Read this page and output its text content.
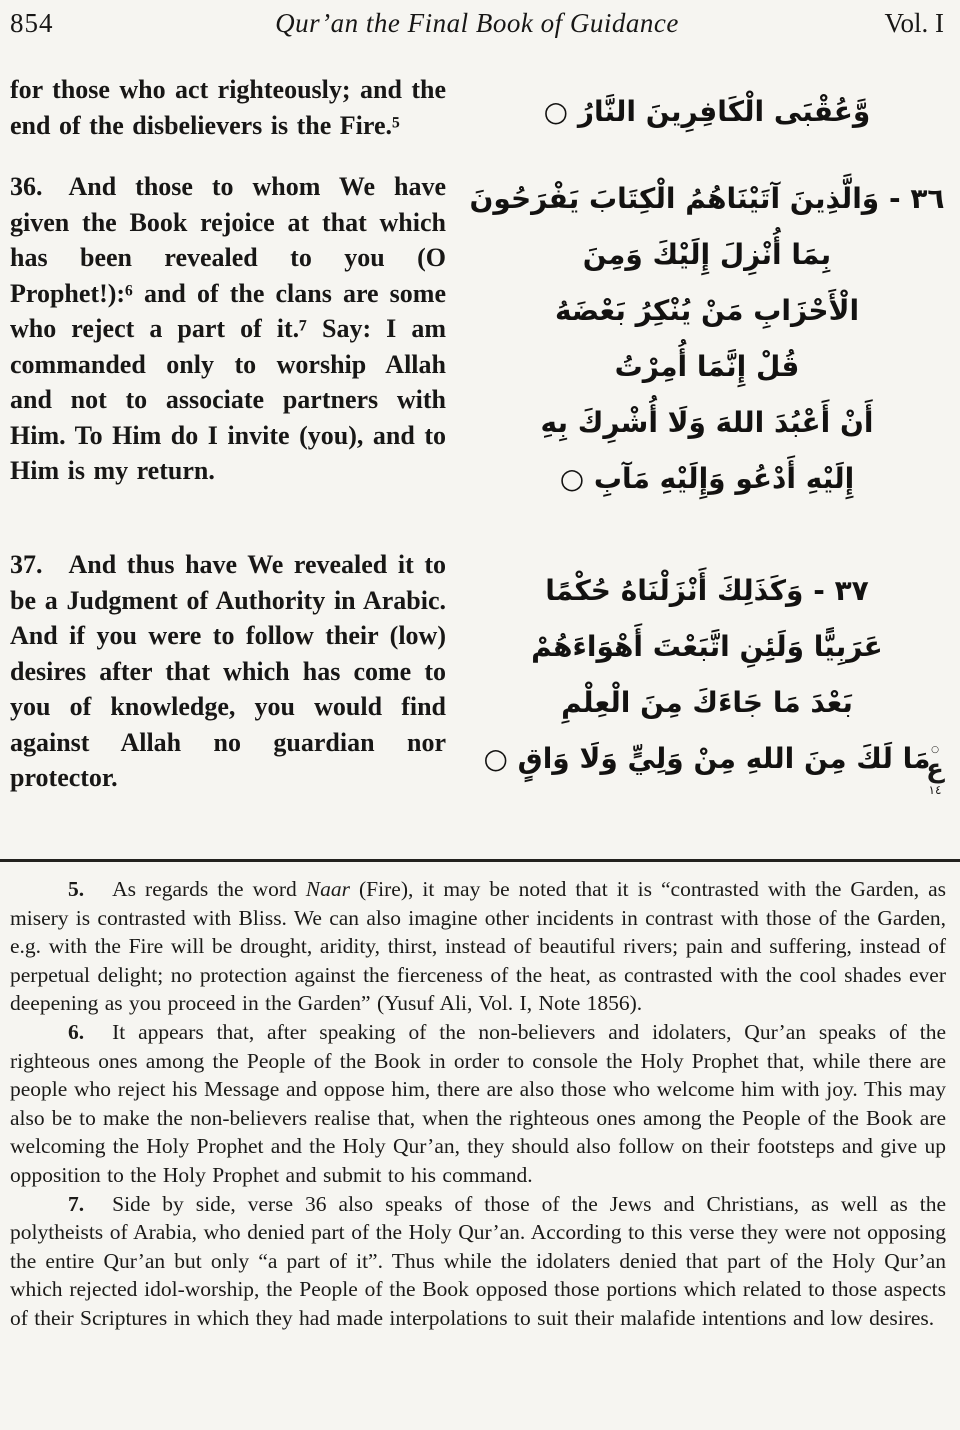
854	Qur’an the Final Book of Guidance	Vol. I

for those who act righteously; and the end of the disbelievers is the Fire.⁵	وَّعُقْبَى الْكَافِرِينَ النَّارُ ○

36. And those to whom We have given the Book rejoice at that which has been revealed to you (O Prophet!):⁶ and of the clans are some who reject a part of it.⁷ Say: I am commanded only to worship Allah and not to associate partners with Him. To Him do I invite (you), and to Him is my return.

٣٦ - وَالَّذِينَ آتَيْنَاهُمُ الْكِتَابَ يَفْرَحُونَ
بِمَا أُنْزِلَ إِلَيْكَ وَمِنَ
الْأَحْزَابِ مَنْ يُنْكِرُ بَعْضَهُ
قُلْ إِنَّمَا أُمِرْتُ
أَنْ أَعْبُدَ اللهَ وَلَا أُشْرِكَ بِهِ
إِلَيْهِ أَدْعُو وَإِلَيْهِ مَآبِ ○

37. And thus have We revealed it to be a Judgment of Authority in Arabic. And if you were to follow their (low) desires after that which has come to you of knowledge, you would find against Allah no guardian nor protector.

٣٧ - وَكَذَلِكَ أَنْزَلْنَاهُ حُكْمًا
عَرَبِيًّا وَلَئِنِ اتَّبَعْتَ أَهْوَاءَهُمْ
بَعْدَ مَا جَاءَكَ مِنَ الْعِلْمِ
مَا لَكَ مِنَ اللهِ مِنْ وَلِيٍّ وَلَا وَاقٍ ○ ○
ع
١٤

5. As regards the word Naar (Fire), it may be noted that it is “contrasted with the Garden, as misery is contrasted with Bliss. We can also imagine other incidents in contrast with those of the Garden, e.g. with the Fire will be drought, aridity, thirst, instead of beautiful rivers; pain and suffering, instead of perpetual delight; no protection against the fierceness of the heat, as contrasted with the cool shades ever deepening as you proceed in the Garden” (Yusuf Ali, Vol. I, Note 1856).

6. It appears that, after speaking of the non-believers and idolaters, Qur’an speaks of the righteous ones among the People of the Book in order to console the Holy Prophet that, while there are people who reject his Message and oppose him, there are also those who welcome him with joy. This may also be to make the non-believers realise that, when the righteous ones among the People of the Book are welcoming the Holy Prophet and the Holy Qur’an, they should also follow on their footsteps and give up opposition to the Holy Prophet and submit to his command.

7. Side by side, verse 36 also speaks of those of the Jews and Christians, as well as the polytheists of Arabia, who denied part of the Holy Qur’an. According to this verse they were not opposing the entire Qur’an but only “a part of it”. Thus while the idolaters denied that part of the Holy Qur’an which rejected idol-worship, the People of the Book opposed those portions which related to those aspects of their Scriptures in which they had made interpolations to suit their malafide intentions and low desires.
